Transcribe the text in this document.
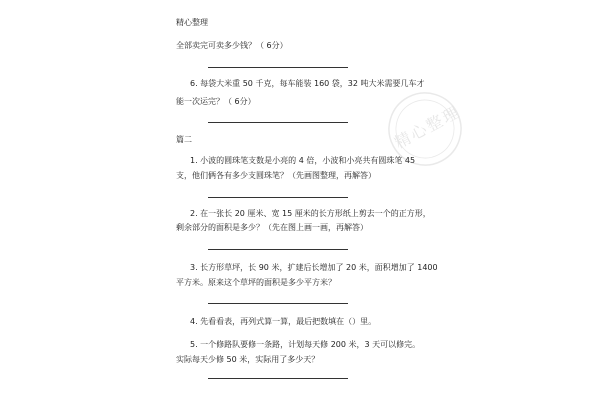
精心整理
全部卖完可卖多少钱？（ 6分）
6. 每袋大米重 50 千克，每车能装 160 袋，32 吨大米需要几车才
能一次运完？（ 6分）
篇二
1. 小波的圆珠笔支数是小亮的 4 倍，小波和小亮共有圆珠笔 45
支，他们俩各有多少支圆珠笔？（先画图整理，再解答）
2. 在一张长 20 厘米、宽 15 厘米的长方形纸上剪去一个的正方形，
剩余部分的面积是多少？（先在图上画一画，再解答）
3. 长方形草坪，长 90 米，扩建后长增加了 20 米，面积增加了 1400
平方米。原来这个草坪的面积是多少平方米？
4. 先看看表，再列式算一算，最后把数填在（）里。
5. 一个修路队要修一条路，计划每天修 200 米，3 天可以修完。
实际每天少修 50 米，实际用了多少天？
精心整理
